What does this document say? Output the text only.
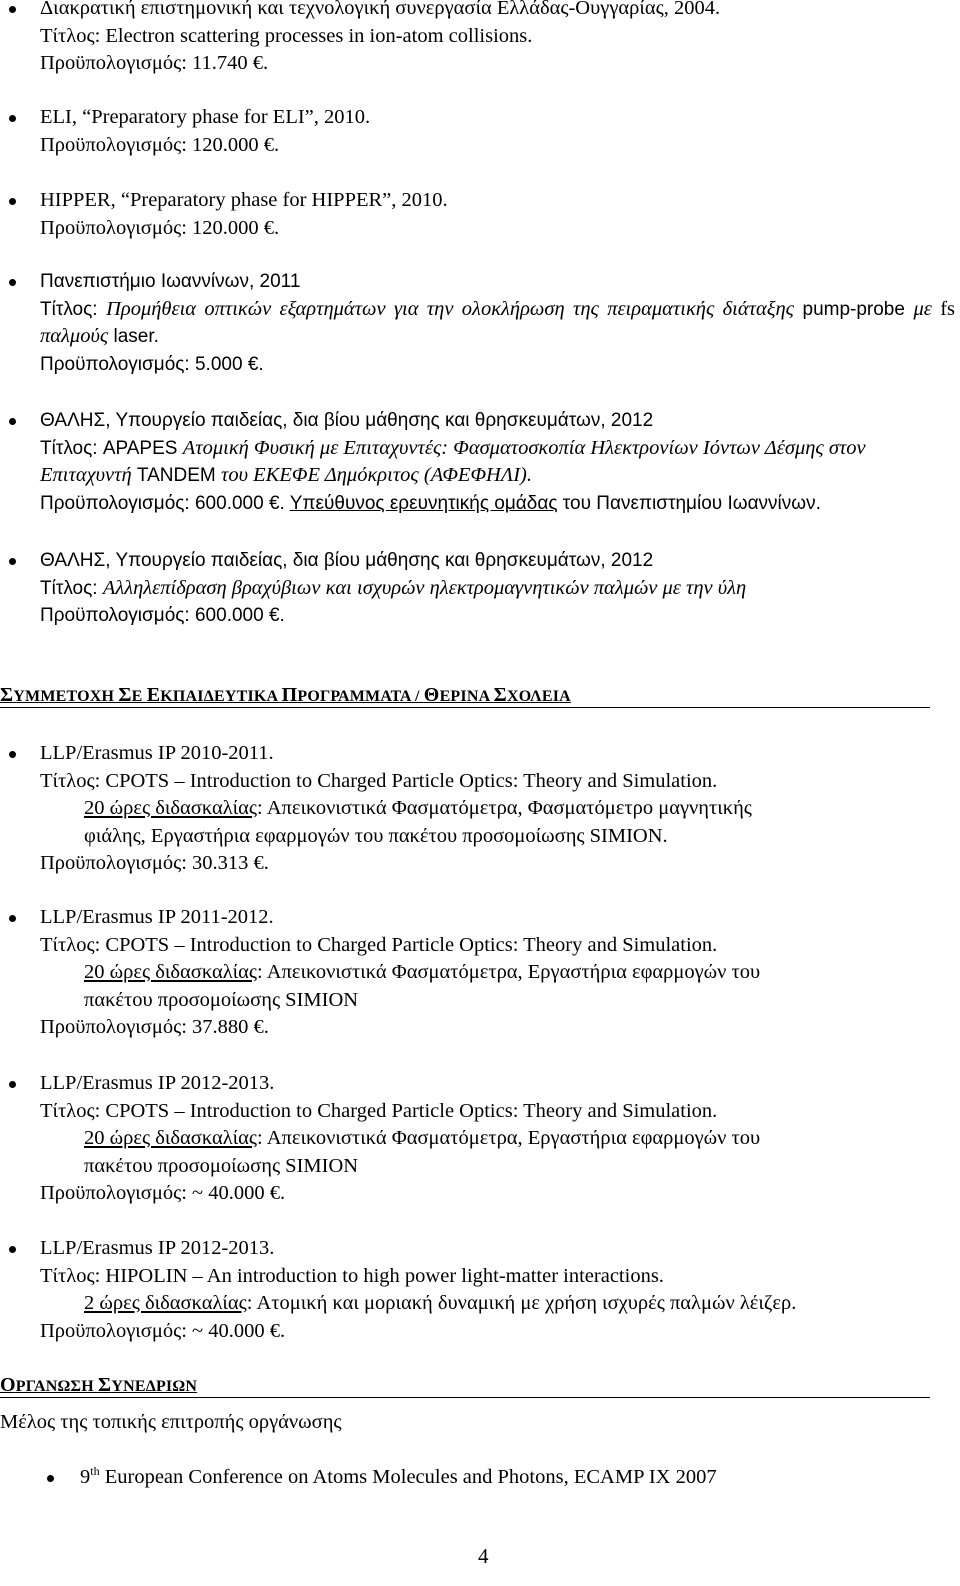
Διακρατική επιστημονική και τεχνολογική συνεργασία Ελλάδας-Ουγγαρίας, 2004.
Τίτλος: Electron scattering processes in ion-atom collisions.
Προϋπολογισμός: 11.740 €.
ELI, “Preparatory phase for ELI”, 2010.
Προϋπολογισμός: 120.000 €.
HIPPER, “Preparatory phase for HIPPER”, 2010.
Προϋπολογισμός: 120.000 €.
Πανεπιστήμιο Ιωαννίνων, 2011
Τίτλος: Προμήθεια οπτικών εξαρτημάτων για την ολοκλήρωση της πειραματικής διάταξης pump-probe με fs παλμούς laser.
Προϋπολογισμός: 5.000 €.
ΘΑΛΗΣ, Υπουργείο παιδείας, δια βίου μάθησης και θρησκευμάτων, 2012
Τίτλος: APAPES Ατομική Φυσική με Επιταχυντές: Φασματοσκοπία Ηλεκτρονίων Ιόντων Δέσμης στον Επιταχυντή TANDEM του ΕΚΕΦΕ Δημόκριτος (ΑΦΕΦΗΛΙ).
Προϋπολογισμός: 600.000 €. Υπεύθυνος ερευνητικής ομάδας του Πανεπιστημίου Ιωαννίνων.
ΘΑΛΗΣ, Υπουργείο παιδείας, δια βίου μάθησης και θρησκευμάτων, 2012
Τίτλος: Αλληλεπίδραση βραχύβιων και ισχυρών ηλεκτρομαγνητικών παλμών με την ύλη
Προϋπολογισμός: 600.000 €.
ΣΥΜΜΕΤΟΧΗ ΣΕ ΕΚΠΑΙΔΕΥΤΙΚΑ ΠΡΟΓΡΑΜΜΑΤΑ / ΘΕΡΙΝΑ ΣΧΟΛΕΙΑ
LLP/Erasmus IP 2010-2011.
Τίτλος: CPOTS – Introduction to Charged Particle Optics: Theory and Simulation.
20 ώρες διδασκαλίας: Απεικονιστικά Φασματόμετρα, Φασματόμετρο μαγνητικής
φιάλης, Εργαστήρια εφαρμογών του πακέτου προσομοίωσης SIMION.
Προϋπολογισμός: 30.313 €.
LLP/Erasmus IP 2011-2012.
Τίτλος: CPOTS – Introduction to Charged Particle Optics: Theory and Simulation.
20 ώρες διδασκαλίας: Απεικονιστικά Φασματόμετρα, Εργαστήρια εφαρμογών του
πακέτου προσομοίωσης SIMION
Προϋπολογισμός: 37.880 €.
LLP/Erasmus IP 2012-2013.
Τίτλος: CPOTS – Introduction to Charged Particle Optics: Theory and Simulation.
20 ώρες διδασκαλίας: Απεικονιστικά Φασματόμετρα, Εργαστήρια εφαρμογών του
πακέτου προσομοίωσης SIMION
Προϋπολογισμός: ~ 40.000 €.
LLP/Erasmus IP 2012-2013.
Τίτλος: HIPOLIN – An introduction to high power light-matter interactions.
2 ώρες διδασκαλίας: Ατομική και μοριακή δυναμική με χρήση ισχυρές παλμών λέιζερ.
Προϋπολογισμός: ~ 40.000 €.
ΟΡΓΑΝΩΣΗ ΣΥΝΕΔΡΙΩΝ
Μέλος της τοπικής επιτροπής οργάνωσης
9th European Conference on Atoms Molecules and Photons, ECAMP IX 2007
4
